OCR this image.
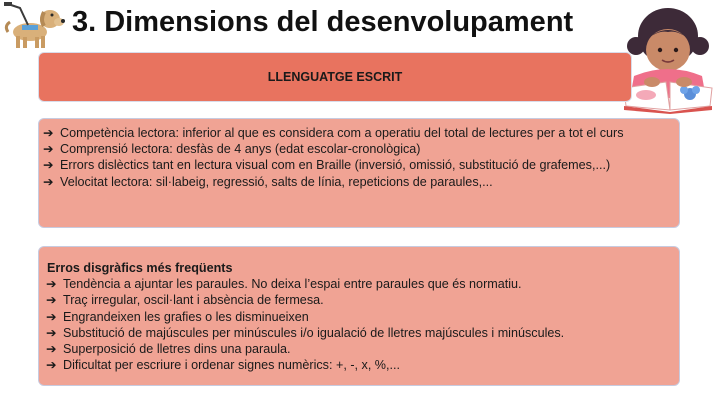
3. Dimensions del desenvolupament
LLENGUATGE ESCRIT
➔ Competència lectora: inferior al que es considera com a operatiu del total de lectures per a tot el curs
➔ Comprensió lectora: desfàs de 4 anys (edat escolar-cronològica)
➔ Errors dislèctics tant en lectura visual com en Braille (inversió, omissió, substitució de grafemes,...)
➔ Velocitat lectora: sil·labeig, regressió, salts de línia, repeticions de paraules,...
Erros disgràfics més freqüents
➔ Tendència a ajuntar les paraules. No deixa l’espai entre paraules que és normatiu.
➔ Traç irregular, oscil·lant i absència de fermesa.
➔ Engrandeixen les grafies o les disminueixen
➔ Substitució de majúscules per minúscules i/o igualació de lletres majúscules i minúscules.
➔ Superposició de lletres dins una paraula.
➔ Dificultat per escriure i ordenar signes numèrics: +, -, x, %,...
